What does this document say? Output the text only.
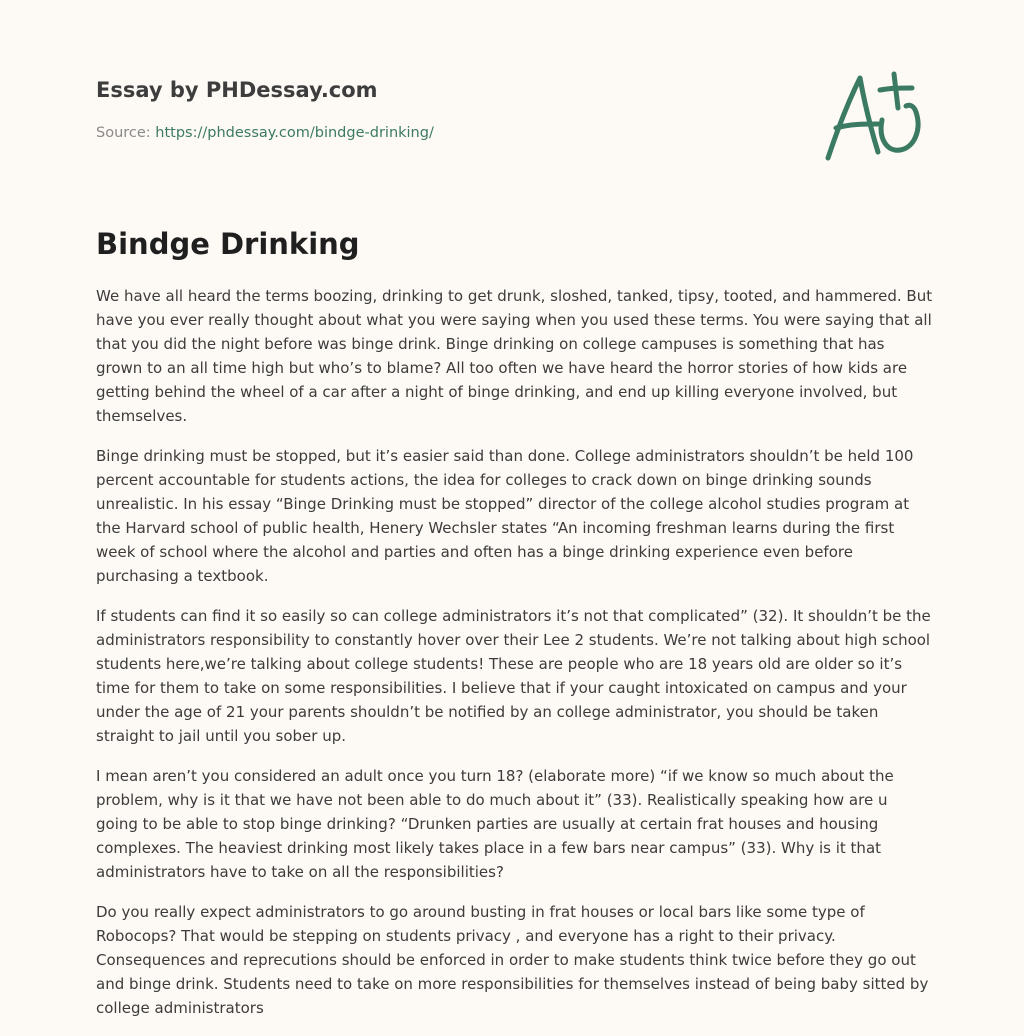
Essay by PHDessay.com
Source: https://phdessay.com/bindge-drinking/
Bindge Drinking

We have all heard the terms boozing, drinking to get drunk, sloshed, tanked, tipsy, tooted, and hammered. But have you ever really thought about what you were saying when you used these terms. You were saying that all that you did the night before was binge drink. Binge drinking on college campuses is something that has grown to an all time high but who’s to blame? All too often we have heard the horror stories of how kids are getting behind the wheel of a car after a night of binge drinking, and end up killing everyone involved, but themselves.

Binge drinking must be stopped, but it’s easier said than done. College administrators shouldn’t be held 100 percent accountable for students actions, the idea for colleges to crack down on binge drinking sounds unrealistic. In his essay “Binge Drinking must be stopped” director of the college alcohol studies program at the Harvard school of public health, Henery Wechsler states “An incoming freshman learns during the first week of school where the alcohol and parties and often has a binge drinking experience even before purchasing a textbook.

If students can find it so easily so can college administrators it’s not that complicated” (32). It shouldn’t be the administrators responsibility to constantly hover over their Lee 2 students. We’re not talking about high school students here,we’re talking about college students! These are people who are 18 years old are older so it’s time for them to take on some responsibilities. I believe that if your caught intoxicated on campus and your under the age of 21 your parents shouldn’t be notified by an college administrator, you should be taken straight to jail until you sober up.

I mean aren’t you considered an adult once you turn 18? (elaborate more) “if we know so much about the problem, why is it that we have not been able to do much about it” (33). Realistically speaking how are u going to be able to stop binge drinking? “Drunken parties are usually at certain frat houses and housing complexes. The heaviest drinking most likely takes place in a few bars near campus” (33). Why is it that administrators have to take on all the responsibilities?

Do you really expect administrators to go around busting in frat houses or local bars like some type of Robocops? That would be stepping on students privacy , and everyone has a right to their privacy. Consequences and reprecutions should be enforced in order to make students think twice before they go out and binge drink. Students need to take on more responsibilities for themselves instead of being baby sitted by college administrators
